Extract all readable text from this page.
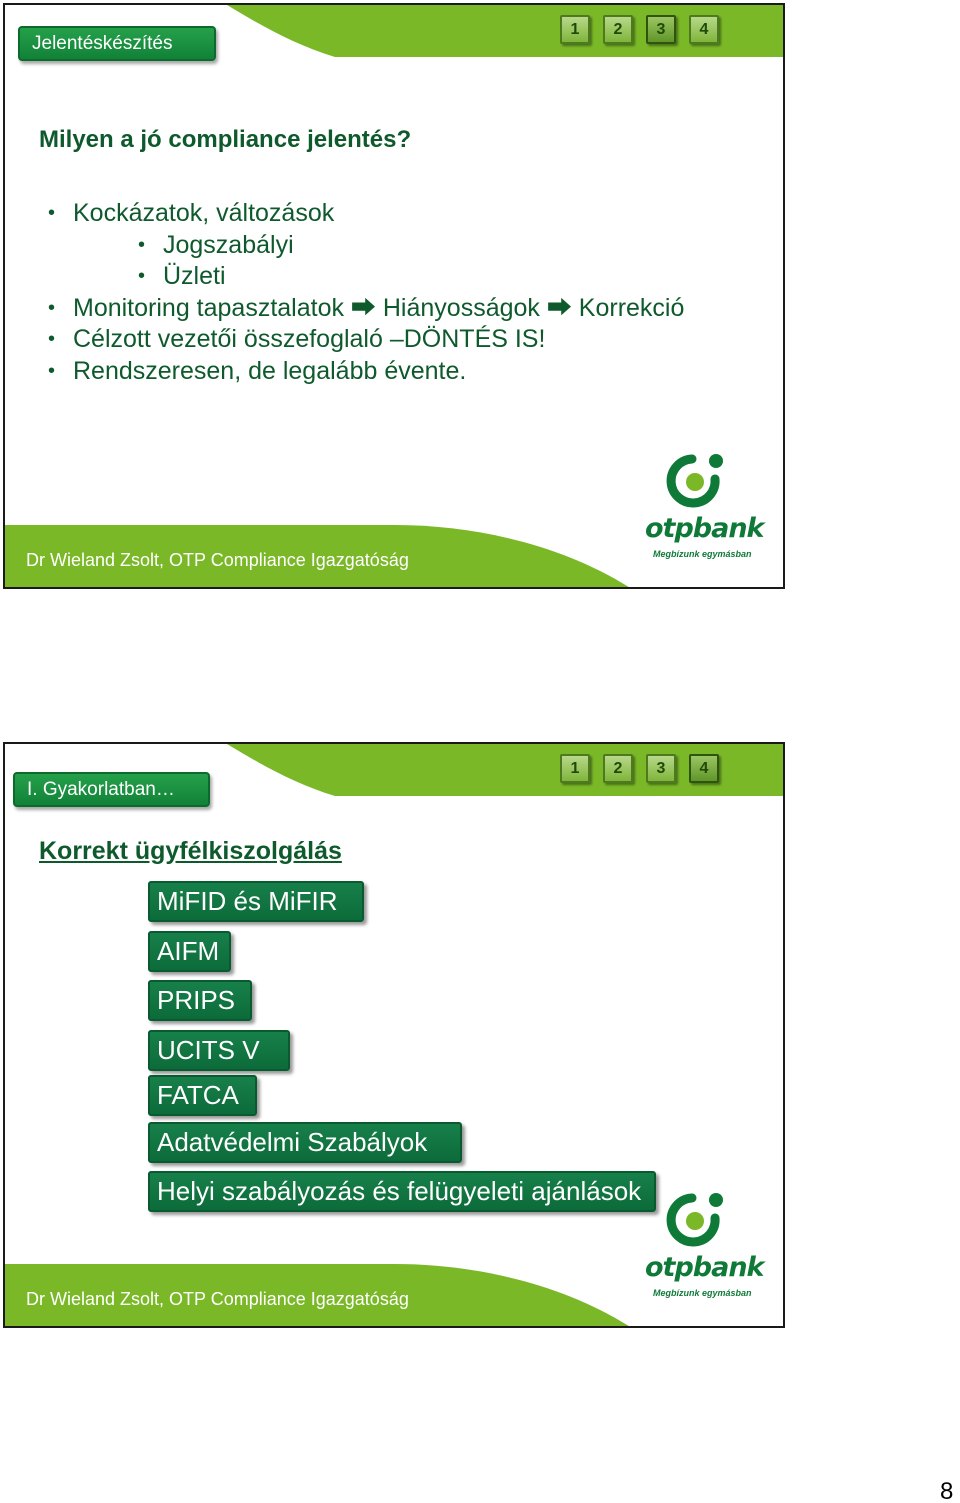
Jelentéskészítés
1	2	3	4
Milyen a jó compliance jelentés?
• Kockázatok, változások
• Jogszabályi
• Üzleti
• Monitoring tapasztalatok ⮕ Hiányosságok ⮕ Korrekció
• Célzott vezetői összefoglaló –DÖNTÉS IS!
• Rendszeresen, de legalább évente.
Dr Wieland Zsolt, OTP Compliance Igazgatóság
otpbank
Megbízunk egymásban
I. Gyakorlatban…
1	2	3	4
Korrekt ügyfélkiszolgálás
MiFID és MiFIR
AIFM
PRIPS
UCITS V
FATCA
Adatvédelmi Szabályok
Helyi szabályozás és felügyeleti ajánlások
Dr Wieland Zsolt, OTP Compliance Igazgatóság
otpbank
Megbízunk egymásban
8
